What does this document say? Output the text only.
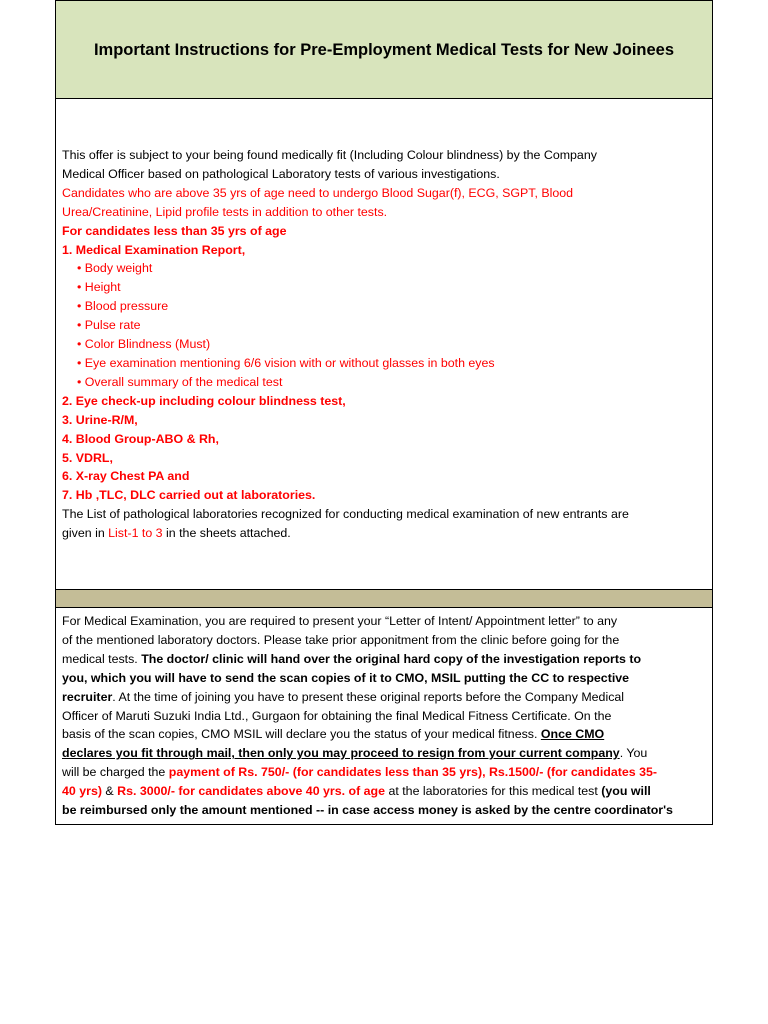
Important Instructions for Pre-Employment Medical Tests for New Joinees
This offer is subject to your being found medically fit (Including Colour blindness) by the Company
Medical Officer based on pathological Laboratory tests of various investigations.
Candidates who are above 35 yrs of age need to undergo Blood Sugar(f), ECG, SGPT, Blood
Urea/Creatinine, Lipid profile tests in addition to other tests.
For candidates less than 35 yrs of age
1. Medical Examination Report,
• Body weight
• Height
• Blood pressure
• Pulse rate
• Color Blindness (Must)
• Eye examination mentioning 6/6 vision with or without glasses in both eyes
• Overall summary of the medical test
2. Eye check-up including colour blindness test,
3. Urine-R/M,
4. Blood Group-ABO & Rh,
5. VDRL,
6. X-ray Chest PA and
7. Hb ,TLC, DLC carried out at laboratories.
The List of pathological laboratories recognized for conducting medical examination of new entrants are
given in List-1 to 3 in the sheets attached.
For Medical Examination, you are required to present your “Letter of Intent/ Appointment letter” to any
of the mentioned laboratory doctors. Please take prior apponitment from the clinic before going for the
medical tests. The doctor/ clinic will hand over the original hard copy of the investigation reports to
you, which you will have to send the scan copies of it to CMO, MSIL putting the CC to respective
recruiter. At the time of joining you have to present these original reports before the Company Medical
Officer of Maruti Suzuki India Ltd., Gurgaon for obtaining the final Medical Fitness Certificate. On the
basis of the scan copies, CMO MSIL will declare you the status of your medical fitness. Once CMO
declares you fit through mail, then only you may proceed to resign from your current company. You
will be charged the payment of Rs. 750/- (for candidates less than 35 yrs), Rs.1500/- (for candidates 35-
40 yrs) & Rs. 3000/- for candidates above 40 yrs. of age at the laboratories for this medical test (you will
be reimbursed only the amount mentioned -- in case access money is asked by the centre coordinator's
